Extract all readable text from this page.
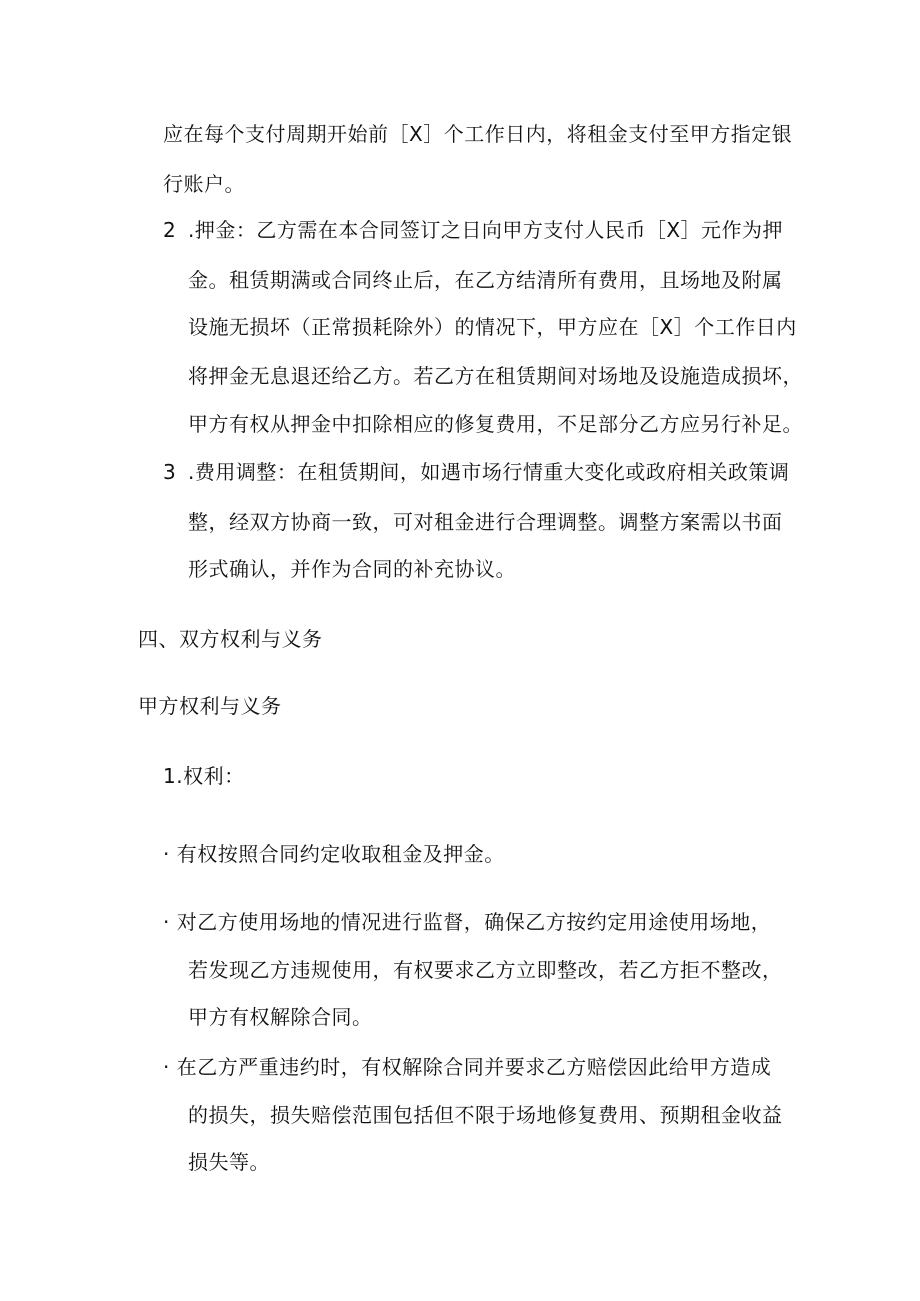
应在每个支付周期开始前［X］个工作日内，将租金支付至甲方指定银
行账户。
2 .押金：乙方需在本合同签订之日向甲方支付人民币［X］元作为押
金。租赁期满或合同终止后，在乙方结清所有费用，且场地及附属
设施无损坏（正常损耗除外）的情况下，甲方应在［X］个工作日内
将押金无息退还给乙方。若乙方在租赁期间对场地及设施造成损坏，
甲方有权从押金中扣除相应的修复费用，不足部分乙方应另行补足。
3 .费用调整：在租赁期间，如遇市场行情重大变化或政府相关政策调
整，经双方协商一致，可对租金进行合理调整。调整方案需以书面
形式确认，并作为合同的补充协议。
四、双方权利与义务
甲方权利与义务
1.权利：
· 有权按照合同约定收取租金及押金。
· 对乙方使用场地的情况进行监督，确保乙方按约定用途使用场地，
若发现乙方违规使用，有权要求乙方立即整改，若乙方拒不整改，
甲方有权解除合同。
· 在乙方严重违约时，有权解除合同并要求乙方赔偿因此给甲方造成
的损失，损失赔偿范围包括但不限于场地修复费用、预期租金收益
损失等。
